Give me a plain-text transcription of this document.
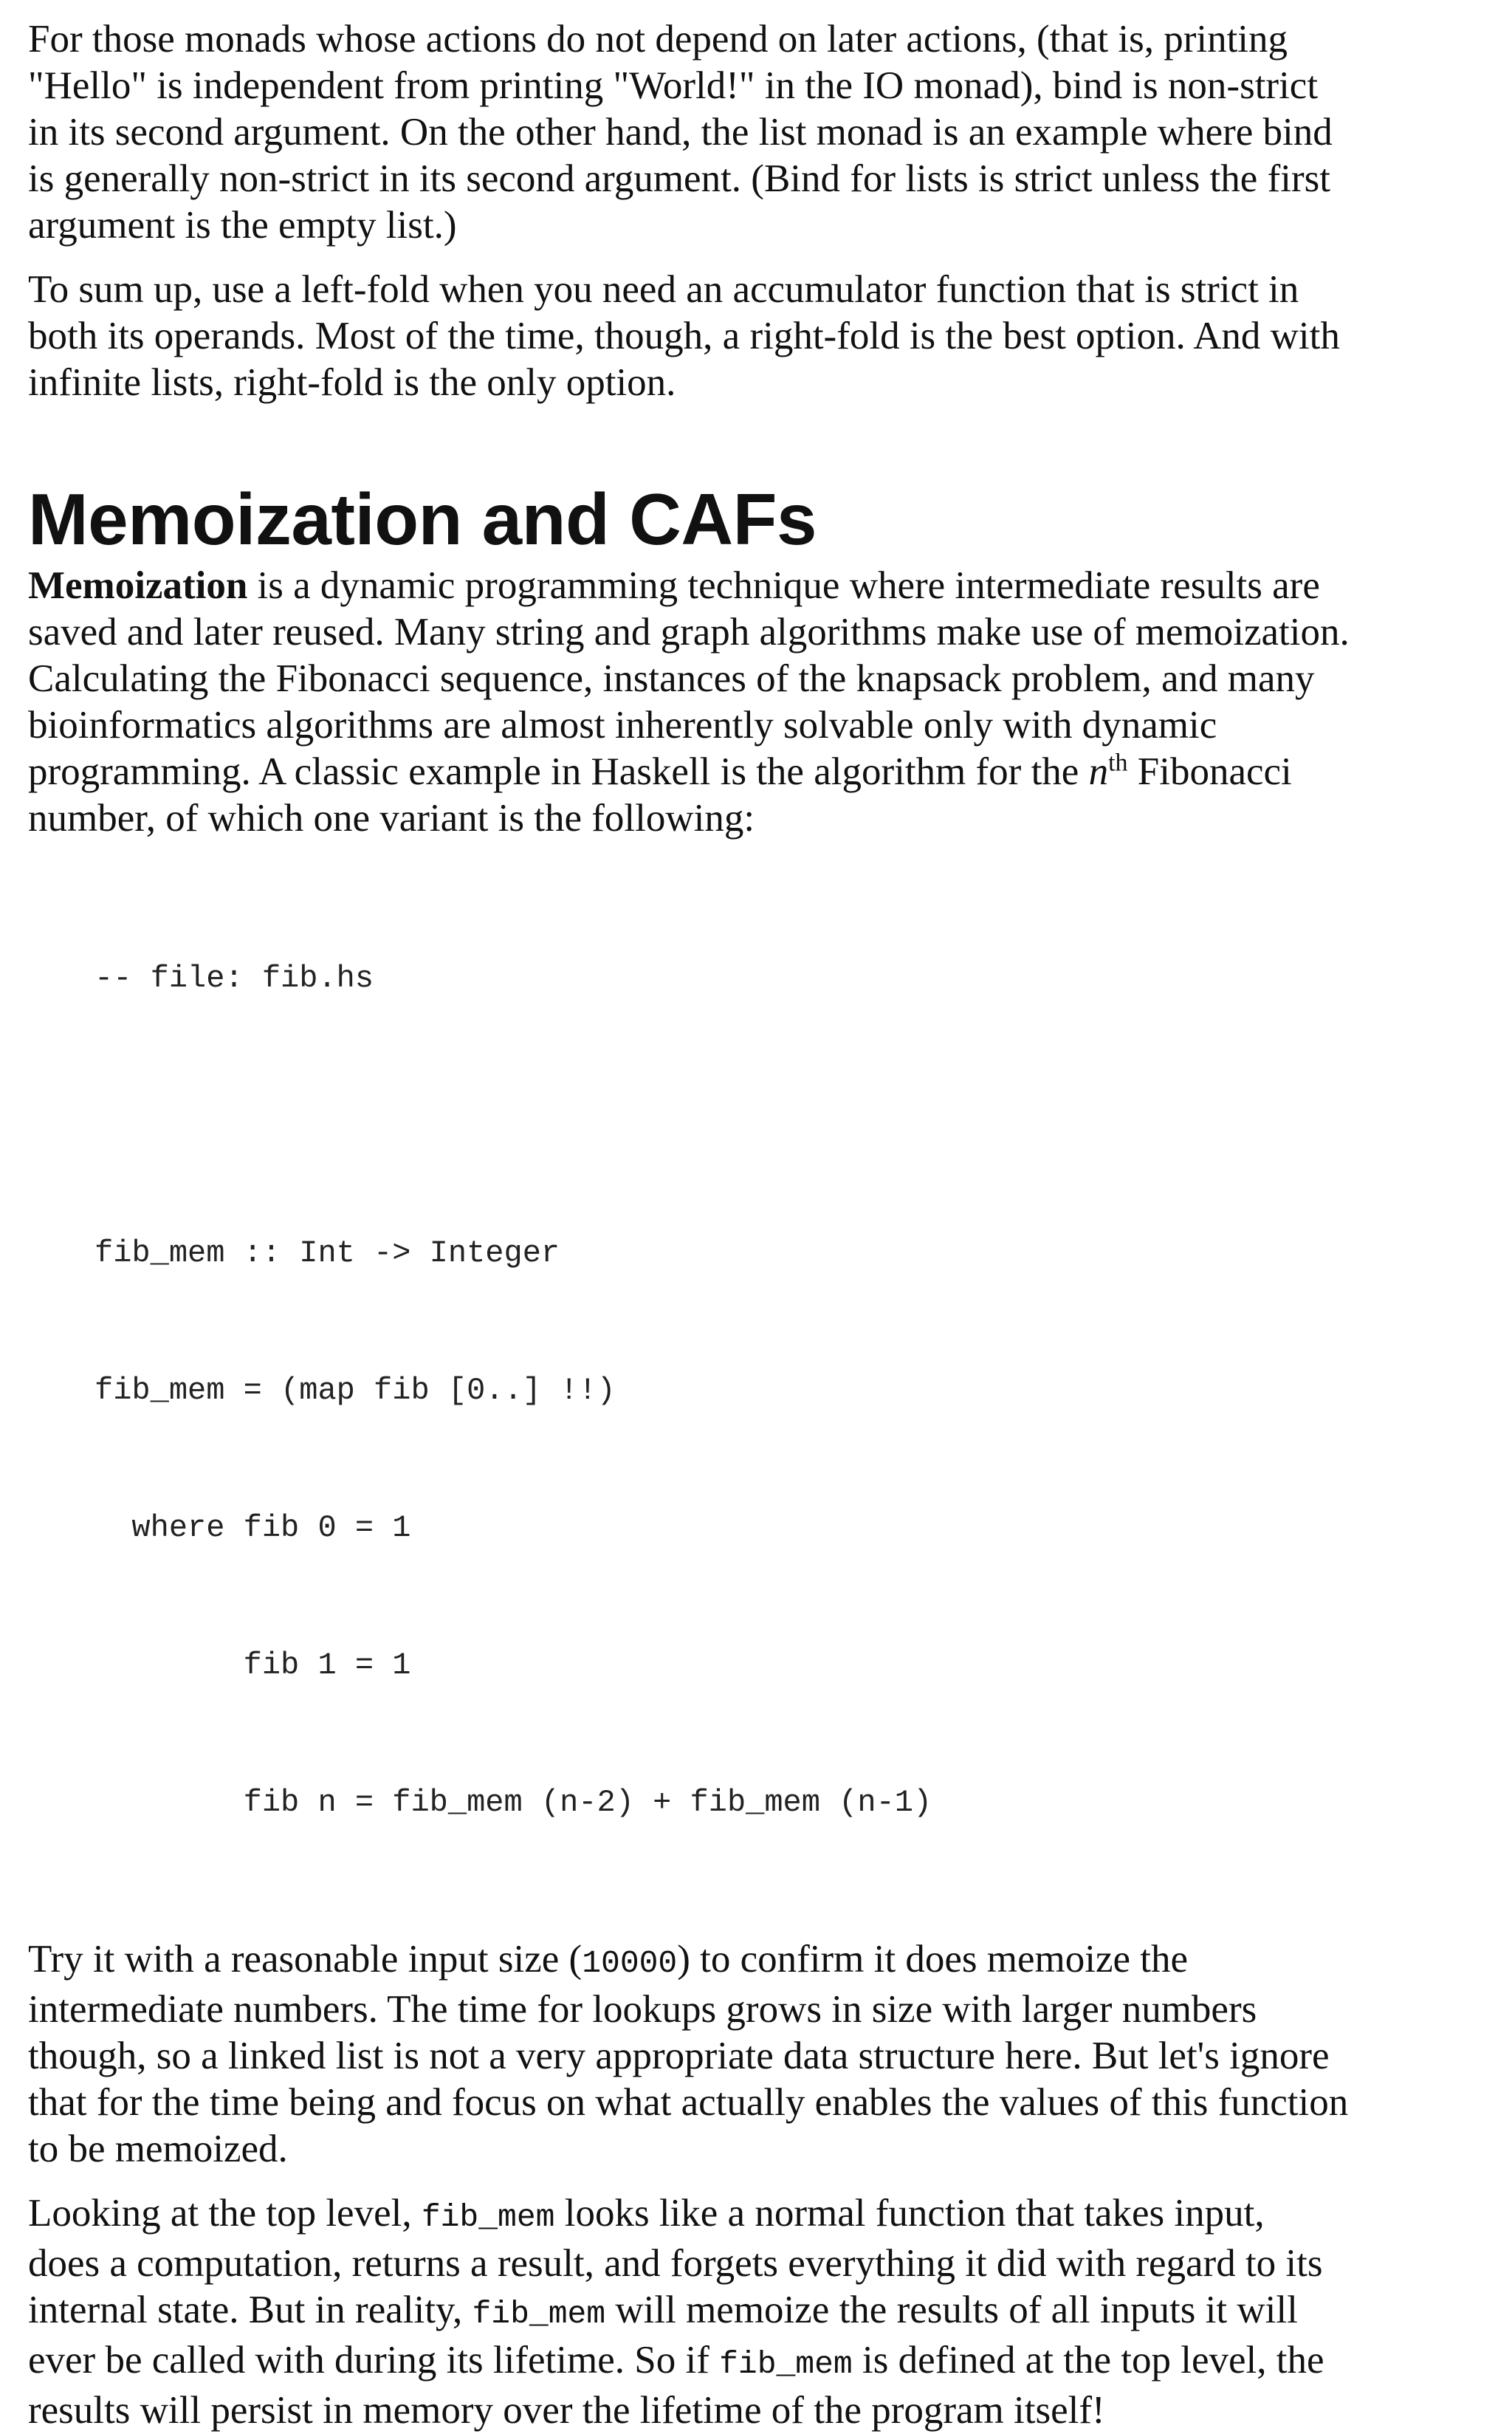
For those monads whose actions do not depend on later actions, (that is, printing
"Hello" is independent from printing "World!" in the IO monad), bind is non-strict
in its second argument. On the other hand, the list monad is an example where bind
is generally non-strict in its second argument. (Bind for lists is strict unless the first
argument is the empty list.)
To sum up, use a left-fold when you need an accumulator function that is strict in
both its operands. Most of the time, though, a right-fold is the best option. And with
infinite lists, right-fold is the only option.
Memoization and CAFs
Memoization is a dynamic programming technique where intermediate results are
saved and later reused. Many string and graph algorithms make use of memoization.
Calculating the Fibonacci sequence, instances of the knapsack problem, and many
bioinformatics algorithms are almost inherently solvable only with dynamic
programming. A classic example in Haskell is the algorithm for the $n^{th}$ Fibonacci
number, of which one variant is the following:

-- file: fib.hs

fib_mem :: Int -> Integer

fib_mem = (map fib [0..] !!)

where fib 0 = 1

fib 1 = 1

fib n = fib_mem (n-2) + fib_mem (n-1)

Try it with a reasonable input size (10000) to confirm it does memoize the
intermediate numbers. The time for lookups grows in size with larger numbers
though, so a linked list is not a very appropriate data structure here. But let's ignore
that for the time being and focus on what actually enables the values of this function
to be memoized.
Looking at the top level, fib_mem looks like a normal function that takes input,
does a computation, returns a result, and forgets everything it did with regard to its
internal state. But in reality, fib_mem will memoize the results of all inputs it will
ever be called with during its lifetime. So if fib_mem is defined at the top level, the
results will persist in memory over the lifetime of the program itself!
